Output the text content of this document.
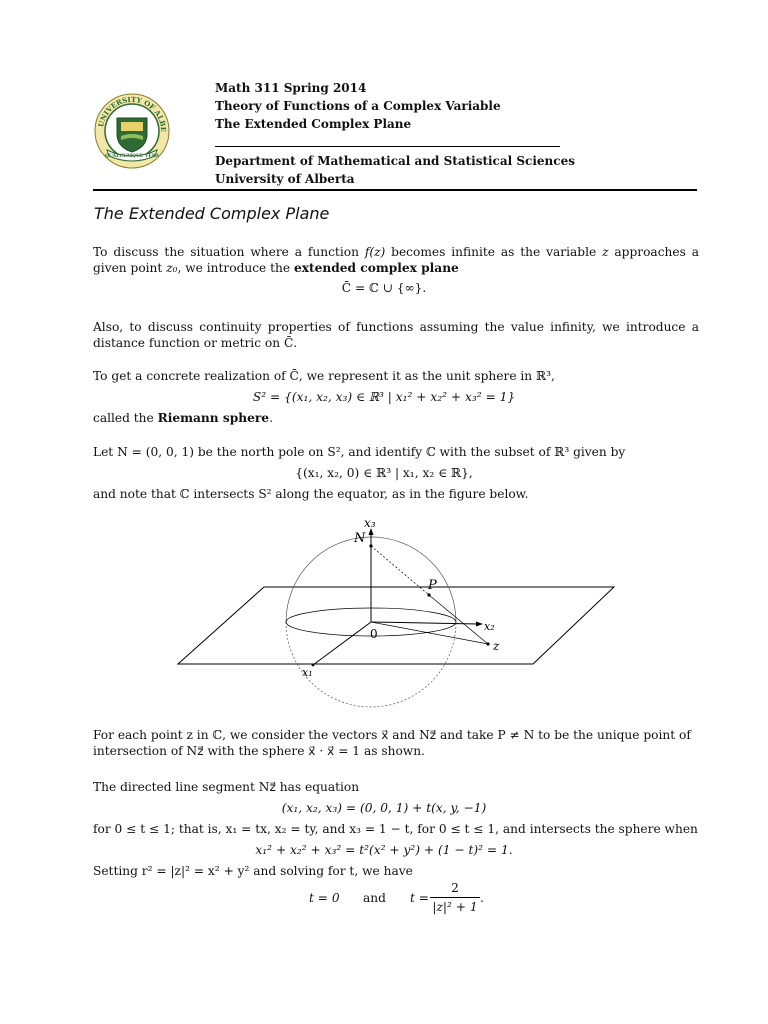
UNIVERSITY OF ALBE
QUAECUMQUE VERA
Math 311 Spring 2014
Theory of Functions of a Complex Variable
The Extended Complex Plane
Department of Mathematical and Statistical Sciences
University of Alberta
The Extended Complex Plane
To discuss the situation where a function f(z) becomes infinite as the variable z approaches a given point z₀, we introduce the extended complex plane
C̄ = ℂ ∪ {∞}.
Also, to discuss continuity properties of functions assuming the value infinity, we introduce a distance function or metric on C̄.
To get a concrete realization of C̄, we represent it as the unit sphere in ℝ³,
S² = {(x₁, x₂, x₃) ∈ ℝ³ | x₁² + x₂² + x₃² = 1}
called the Riemann sphere.
Let N = (0, 0, 1) be the north pole on S², and identify ℂ with the subset of ℝ³ given by
{(x₁, x₂, 0) ∈ ℝ³ | x₁, x₂ ∈ ℝ},
and note that ℂ intersects S² along the equator, as in the figure below.
x₃
N
P
x₂
z
0
x₁
For each point z in ℂ, we consider the vectors x⃗ and Nz⃗ and take P ≠ N to be the unique point of
intersection of Nz⃗ with the sphere x⃗ · x⃗ = 1 as shown.
The directed line segment Nz⃗ has equation
(x₁, x₂, x₃) = (0, 0, 1) + t(x, y, −1)
for 0 ≤ t ≤ 1; that is, x₁ = tx, x₂ = ty, and x₃ = 1 − t, for 0 ≤ t ≤ 1, and intersects the sphere when
x₁² + x₂² + x₃² = t²(x² + y²) + (1 − t)² = 1.
Setting r² = |z|² = x² + y² and solving for t, we have
t = 0 and t =
2
|z|² + 1
.
